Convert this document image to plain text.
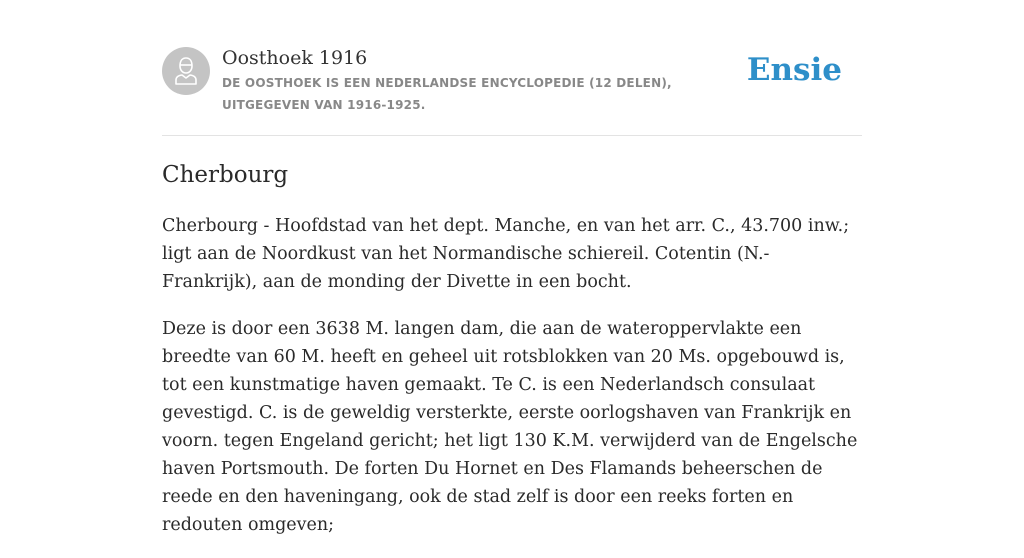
Oosthoek 1916
DE OOSTHOEK IS EEN NEDERLANDSE ENCYCLOPEDIE (12 DELEN), UITGEGEVEN VAN 1916-1925.
Ensie
Cherbourg

Cherbourg - Hoofdstad van het dept. Manche, en van het arr. C., 43.700 inw.; ligt aan de Noordkust van het Normandische schiereil. Cotentin (N.-Frankrijk), aan de monding der Divette in een bocht.

Deze is door een 3638 M. langen dam, die aan de wateroppervlakte een breedte van 60 M. heeft en geheel uit rotsblokken van 20 Ms. opgebouwd is, tot een kunstmatige haven gemaakt. Te C. is een Nederlandsch consulaat gevestigd. C. is de geweldig versterkte, eerste oorlogshaven van Frankrijk en voorn. tegen Engeland gericht; het ligt 130 K.M. verwijderd van de Engelsche haven Portsmouth. De forten Du Hornet en Des Flamands beheerschen de reede en den haveningang, ook de stad zelf is door een reeks forten en redouten omgeven;
